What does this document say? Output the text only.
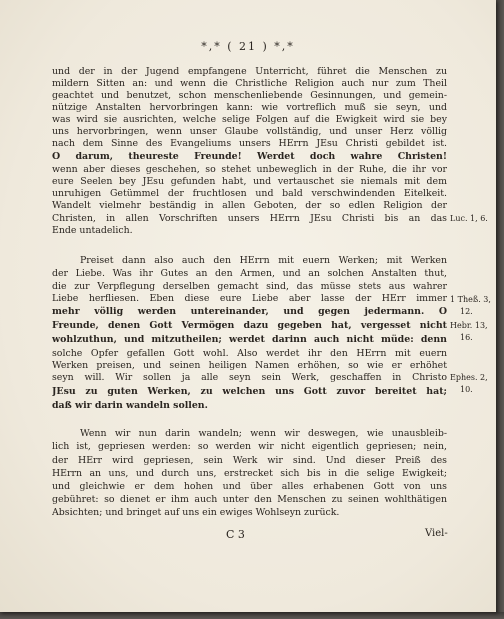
*,* ( 21 ) *,*
und der in der Jugend empfangene Unterricht, führet die Menschen zu
mildern Sitten an: und wenn die Christliche Religion auch nur zum Theil
geachtet und benutzet, schon menschenliebende Gesinnungen, und gemein-
nützige Anstalten hervorbringen kann: wie vortreflich muß sie seyn, und
was wird sie ausrichten, welche selige Folgen auf die Ewigkeit wird sie bey
uns hervorbringen, wenn unser Glaube vollständig, und unser Herz völlig
nach dem Sinne des Evangeliums unsers HErrn JEsu Christi gebildet ist.
O darum, theureste Freunde! Werdet doch wahre Christen!
wenn aber dieses geschehen, so stehet unbeweglich in der Ruhe, die ihr vor
eure Seelen bey JEsu gefunden habt, und vertauschet sie niemals mit dem
unruhigen Getümmel der fruchtlosen und bald verschwindenden Eitelkeit.
Wandelt vielmehr beständig in allen Geboten, der so edlen Religion der
Christen, in allen Vorschriften unsers HErrn JEsu Christi bis an das
Ende untadelich.
Luc. 1, 6.
Preiset dann also auch den HErrn mit euern Werken; mit Werken
der Liebe. Was ihr Gutes an den Armen, und an solchen Anstalten thut,
die zur Verpflegung derselben gemacht sind, das müsse stets aus wahrer
Liebe herfliesen. Eben diese eure Liebe aber lasse der HErr immer
mehr völlig werden untereinander, und gegen jedermann. O
Freunde, denen Gott Vermögen dazu gegeben hat, vergesset nicht
wohlzuthun, und mitzutheilen; werdet darinn auch nicht müde: denn
solche Opfer gefallen Gott wohl. Also werdet ihr den HErrn mit euern
Werken preisen, und seinen heiligen Namen erhöhen, so wie er erhöhet
seyn will. Wir sollen ja alle seyn sein Werk, geschaffen in Christo
JEsu zu guten Werken, zu welchen uns Gott zuvor bereitet hat;
daß wir darin wandeln sollen.
1 Theß. 3,
12.
Hebr. 13,
16.
Ephes. 2,
10.
Wenn wir nun darin wandeln; wenn wir deswegen, wie unausbleib-
lich ist, gepriesen werden: so werden wir nicht eigentlich gepriesen; nein,
der HErr wird gepriesen, sein Werk wir sind. Und dieser Preiß des
HErrn an uns, und durch uns, erstrecket sich bis in die selige Ewigkeit;
und gleichwie er dem hohen und über alles erhabenen Gott von uns
gebühret: so dienet er ihm auch unter den Menschen zu seinen wohlthätigen
Absichten; und bringet auf uns ein ewiges Wohlseyn zurück.
C 3	Viel-
